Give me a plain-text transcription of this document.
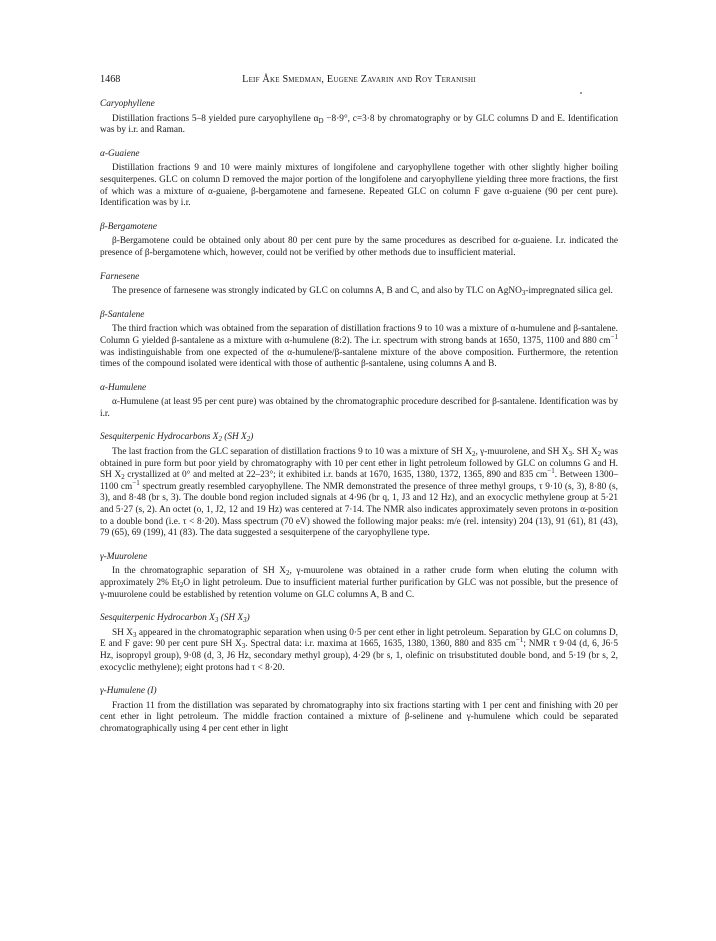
1468	Leif Åke Smedman, Eugene Zavarin and Roy Teranishi
Caryophyllene
Distillation fractions 5–8 yielded pure caryophyllene $\alpha_D -8\cdot 9^\circ$, c=3·8 by chromatography or by GLC columns D and E. Identification was by i.r. and Raman.
α-Guaiene
Distillation fractions 9 and 10 were mainly mixtures of longifolene and caryophyllene together with other slightly higher boiling sesquiterpenes. GLC on column D removed the major portion of the longifolene and caryophyllene yielding three more fractions, the first of which was a mixture of α-guaiene, β-bergamotene and farnesene. Repeated GLC on column F gave α-guaiene (90 per cent pure). Identification was by i.r.
β-Bergamotene
β-Bergamotene could be obtained only about 80 per cent pure by the same procedures as described for α-guaiene. I.r. indicated the presence of β-bergamotene which, however, could not be verified by other methods due to insufficient material.
Farnesene
The presence of farnesene was strongly indicated by GLC on columns A, B and C, and also by TLC on AgNO$_3$-impregnated silica gel.
β-Santalene
The third fraction which was obtained from the separation of distillation fractions 9 to 10 was a mixture of α-humulene and β-santalene. Column G yielded β-santalene as a mixture with α-humulene (8:2). The i.r. spectrum with strong bands at 1650, 1375, 1100 and 880 $cm^{-1}$ was indistinguishable from one expected of the α-humulene/β-santalene mixture of the above composition. Furthermore, the retention times of the compound isolated were identical with those of authentic β-santalene, using columns A and B.
α-Humulene
α-Humulene (at least 95 per cent pure) was obtained by the chromatographic procedure described for β-santalene. Identification was by i.r.
Sesquiterpenic Hydrocarbons $X_2$ (SH $X_2$)
The last fraction from the GLC separation of distillation fractions 9 to 10 was a mixture of SH $X_2$, γ-muurolene, and SH $X_3$. SH $X_2$ was obtained in pure form but poor yield by chromatography with 10 per cent ether in light petroleum followed by GLC on columns G and H. SH $X_2$ crystallized at 0° and melted at 22–23°; it exhibited i.r. bands at 1670, 1635, 1380, 1372, 1365, 890 and 835 $cm^{-1}$. Between 1300–1100 $cm^{-1}$ spectrum greatly resembled caryophyllene. The NMR demonstrated the presence of three methyl groups, τ 9·10 (s, 3), 8·80 (s, 3), and 8·48 (br s, 3). The double bond region included signals at 4·96 (br q, 1, J3 and 12 Hz), and an exocyclic methylene group at 5·21 and 5·27 (s, 2). An octet (o, 1, J2, 12 and 19 Hz) was centered at 7·14. The NMR also indicates approximately seven protons in α-position to a double bond (i.e. τ < 8·20). Mass spectrum (70 eV) showed the following major peaks: m/e (rel. intensity) 204 (13), 91 (61), 81 (43), 79 (65), 69 (199), 41 (83). The data suggested a sesquiterpene of the caryophyllene type.
γ-Muurolene
In the chromatographic separation of SH $X_2$, γ-muurolene was obtained in a rather crude form when eluting the column with approximately 2% $Et_2O$ in light petroleum. Due to insufficient material further purification by GLC was not possible, but the presence of γ-muurolene could be established by retention volume on GLC columns A, B and C.
Sesquiterpenic Hydrocarbon $X_3$ (SH $X_3$)
SH $X_3$ appeared in the chromatographic separation when using 0·5 per cent ether in light petroleum. Separation by GLC on columns D, E and F gave: 90 per cent pure SH $X_3$. Spectral data: i.r. maxima at 1665, 1635, 1380, 1360, 880 and 835 $cm^{-1}$; NMR τ 9·04 (d, 6, J6·5 Hz, isopropyl group), 9·08 (d, 3, J6 Hz, secondary methyl group), 4·29 (br s, 1, olefinic on trisubstituted double bond, and 5·19 (br s, 2, exocyclic methylene); eight protons had τ < 8·20.
γ-Humulene (I)
Fraction 11 from the distillation was separated by chromatography into six fractions starting with 1 per cent and finishing with 20 per cent ether in light petroleum. The middle fraction contained a mixture of β-selinene and γ-humulene which could be separated chromatographically using 4 per cent ether in light
